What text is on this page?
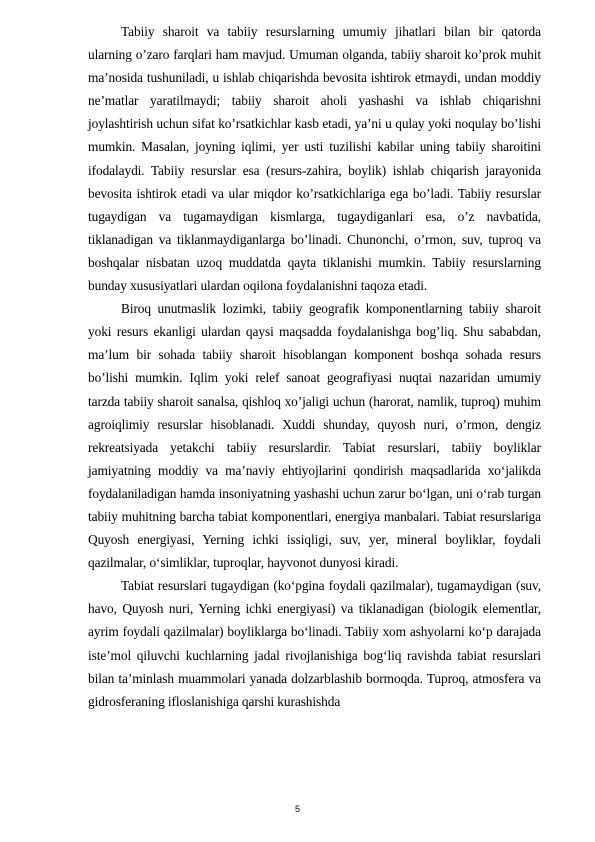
Tabiiy sharoit va tabiiy resurslarning umumiy jihatlari bilan bir qatorda ularning o’zaro farqlari ham mavjud. Umuman olganda, tabiiy sharoit ko’prok muhit ma’nosida tushuniladi, u ishlab chiqarishda bevosita ishtirok etmaydi, undan moddiy ne’matlar yaratilmaydi; tabiiy sharoit aholi yashashi va ishlab chiqarishni joylashtirish uchun sifat ko’rsatkichlar kasb etadi, ya’ni u qulay yoki noqulay bo’lishi mumkin. Masalan, joyning iqlimi, yer usti tuzilishi kabilar uning tabiiy sharoitini ifodalaydi. Tabiiy resurslar esa (resurs-zahira, boylik) ishlab chiqarish jarayonida bevosita ishtirok etadi va ular miqdor ko’rsatkichlariga ega bo’ladi. Tabiiy resurslar tugaydigan va tugamaydigan kismlarga, tugaydiganlari esa, o’z navbatida, tiklanadigan va tiklanmaydiganlarga bo’linadi. Chunonchi, o’rmon, suv, tuproq va boshqalar nisbatan uzoq muddatda qayta tiklanishi mumkin. Tabiiy resurslarning bunday xususiyatlari ulardan oqilona foydalanishni taqoza etadi.

Biroq unutmaslik lozimki, tabiiy geografik komponentlarning tabiiy sharoit yoki resurs ekanligi ulardan qaysi maqsadda foydalanishga bog’liq. Shu sababdan, ma’lum bir sohada tabiiy sharoit hisoblangan komponent boshqa sohada resurs bo’lishi mumkin. Iqlim yoki relef sanoat geografiyasi nuqtai nazaridan umumiy tarzda tabiiy sharoit sanalsa, qishloq xo’jaligi uchun (harorat, namlik, tuproq) muhim agroiqlimiy resurslar hisoblanadi. Xuddi shunday, quyosh nuri, o’rmon, dengiz rekreatsiyada yetakchi tabiiy resurslardir. Tabiat resurslari, tabiiy boyliklar jamiyatning moddiy va ma’naviy ehtiyojlarini qondirish maqsadlarida xo‘jalikda foydalaniladigan hamda insoniyatning yashashi uchun zarur bo‘lgan, uni o‘rab turgan tabiiy muhitning barcha tabiat komponentlari, energiya manbalari. Tabiat resurslariga Quyosh energiyasi, Yerning ichki issiqligi, suv, yer, mineral boyliklar, foydali qazilmalar, o‘simliklar, tuproqlar, hayvonot dunyosi kiradi.

Tabiat resurslari tugaydigan (ko‘pgina foydali qazilmalar), tugamaydigan (suv, havo, Quyosh nuri, Yerning ichki energiyasi) va tiklanadigan (biologik elementlar, ayrim foydali qazilmalar) boyliklarga bo‘linadi. Tabiiy xom ashyolarni ko‘p darajada iste’mol qiluvchi kuchlarning jadal rivojlanishiga bog‘liq ravishda tabiat resurslari bilan ta’minlash muammolari yanada dolzarblashib bormoqda. Tuproq, atmosfera va gidrosferaning ifloslanishiga qarshi kurashishda

5
